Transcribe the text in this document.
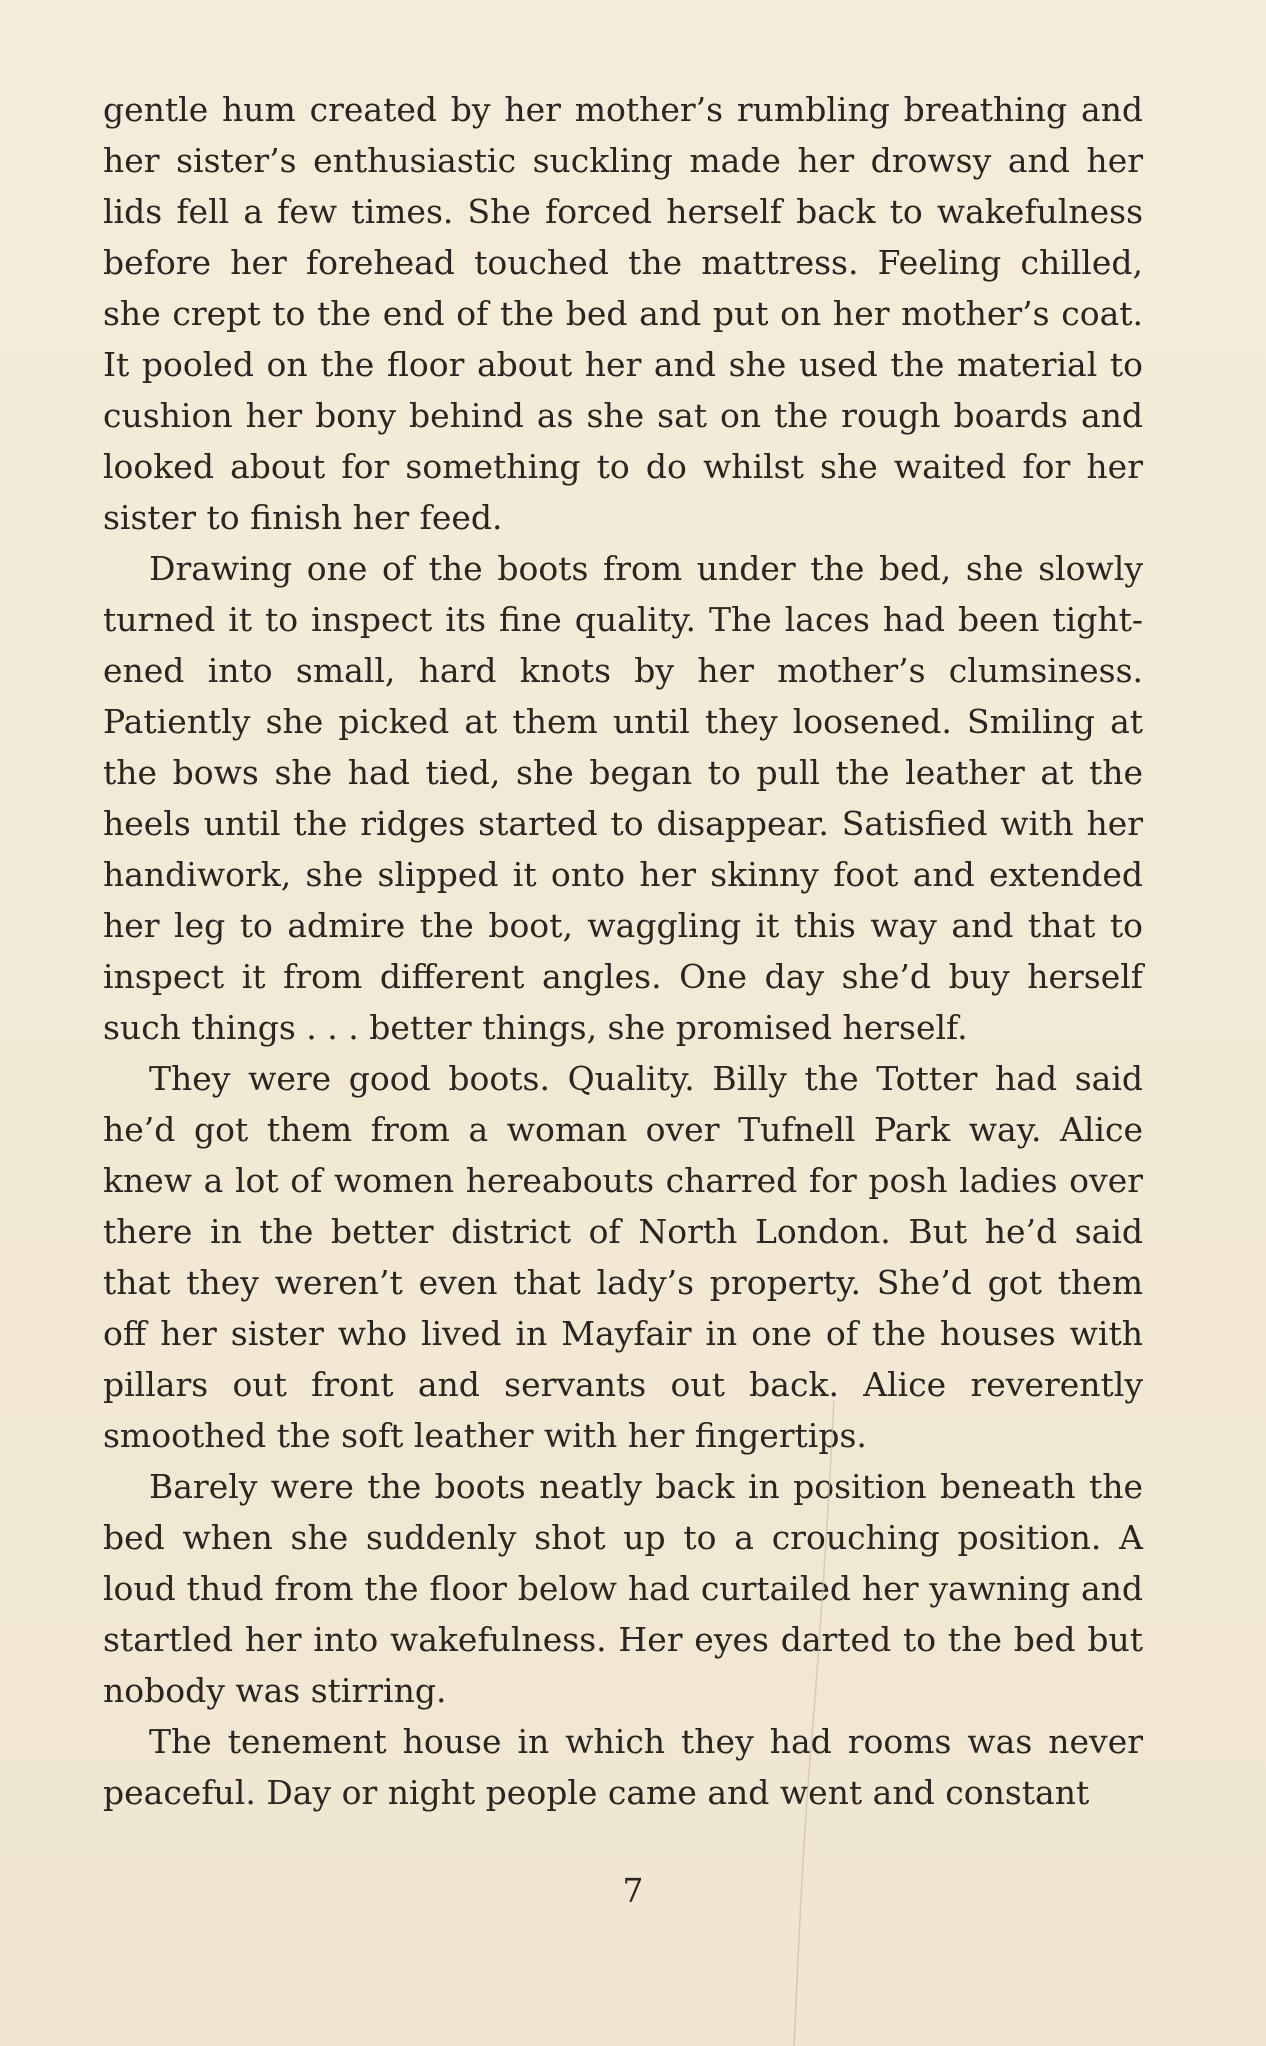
gentle hum created by her mother’s rumbling breathing and her sister’s enthusiastic suckling made her drowsy and her lids fell a few times. She forced herself back to wakefulness before her forehead touched the mattress. Feeling chilled, she crept to the end of the bed and put on her mother’s coat. It pooled on the floor about her and she used the material to cushion her bony behind as she sat on the rough boards and looked about for something to do whilst she waited for her sister to finish her feed.

Drawing one of the boots from under the bed, she slowly turned it to inspect its fine quality. The laces had been tightened into small, hard knots by her mother’s clumsiness. Patiently she picked at them until they loosened. Smiling at the bows she had tied, she began to pull the leather at the heels until the ridges started to disappear. Satisfied with her handiwork, she slipped it onto her skinny foot and extended her leg to admire the boot, waggling it this way and that to inspect it from different angles. One day she’d buy herself such things . . . better things, she promised herself.

They were good boots. Quality. Billy the Totter had said he’d got them from a woman over Tufnell Park way. Alice knew a lot of women hereabouts charred for posh ladies over there in the better district of North London. But he’d said that they weren’t even that lady’s property. She’d got them off her sister who lived in Mayfair in one of the houses with pillars out front and servants out back. Alice reverently smoothed the soft leather with her fingertips.

Barely were the boots neatly back in position beneath the bed when she suddenly shot up to a crouching position. A loud thud from the floor below had curtailed her yawning and startled her into wakefulness. Her eyes darted to the bed but nobody was stirring.

The tenement house in which they had rooms was never peaceful. Day or night people came and went and constant

7
